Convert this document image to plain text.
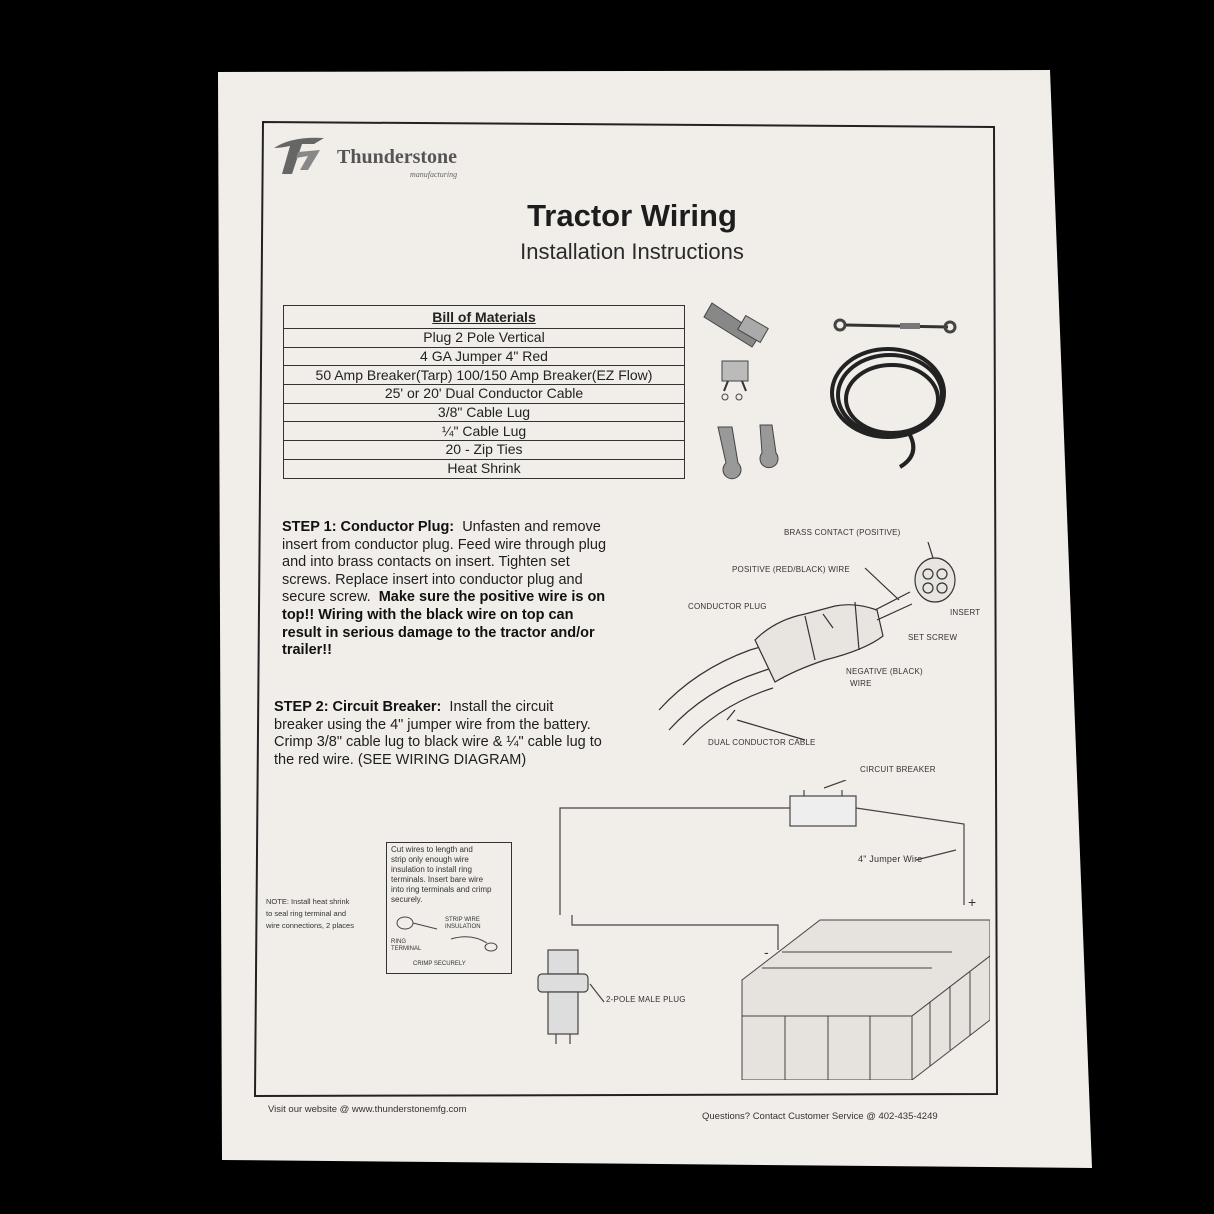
Thunderstone
manufacturing
Tractor Wiring
Installation Instructions
Bill of Materials
Plug 2 Pole Vertical
4 GA Jumper 4" Red
50 Amp Breaker(Tarp) 100/150 Amp Breaker(EZ Flow)
25' or 20' Dual Conductor Cable
3/8" Cable Lug
¼" Cable Lug
20 - Zip Ties
Heat Shrink
STEP 1: Conductor Plug: Unfasten and remove
insert from conductor plug. Feed wire through plug
and into brass contacts on insert. Tighten set
screws. Replace insert into conductor plug and
secure screw. Make sure the positive wire is on
top!! Wiring with the black wire on top can
result in serious damage to the tractor and/or
trailer!!
STEP 2: Circuit Breaker: Install the circuit
breaker using the 4" jumper wire from the battery.
Crimp 3/8" cable lug to black wire & ¼" cable lug to
the red wire. (SEE WIRING DIAGRAM)
BRASS CONTACT (POSITIVE)
POSITIVE (RED/BLACK) WIRE
CONDUCTOR PLUG
INSERT
SET SCREW
NEGATIVE (BLACK)
WIRE
DUAL CONDUCTOR CABLE
CIRCUIT BREAKER
4" Jumper Wire
2-POLE MALE PLUG
+
-
Cut wires to length and
strip only enough wire
insulation to install ring
terminals. Insert bare wire
into ring terminals and crimp
securely.
STRIP WIRE
INSULATION
RING
TERMINAL
CRIMP SECURELY
NOTE: Install heat shrink
to seal ring terminal and
wire connections, 2 places
Visit our website @ www.thunderstonemfg.com
Questions? Contact Customer Service @ 402-435-4249
